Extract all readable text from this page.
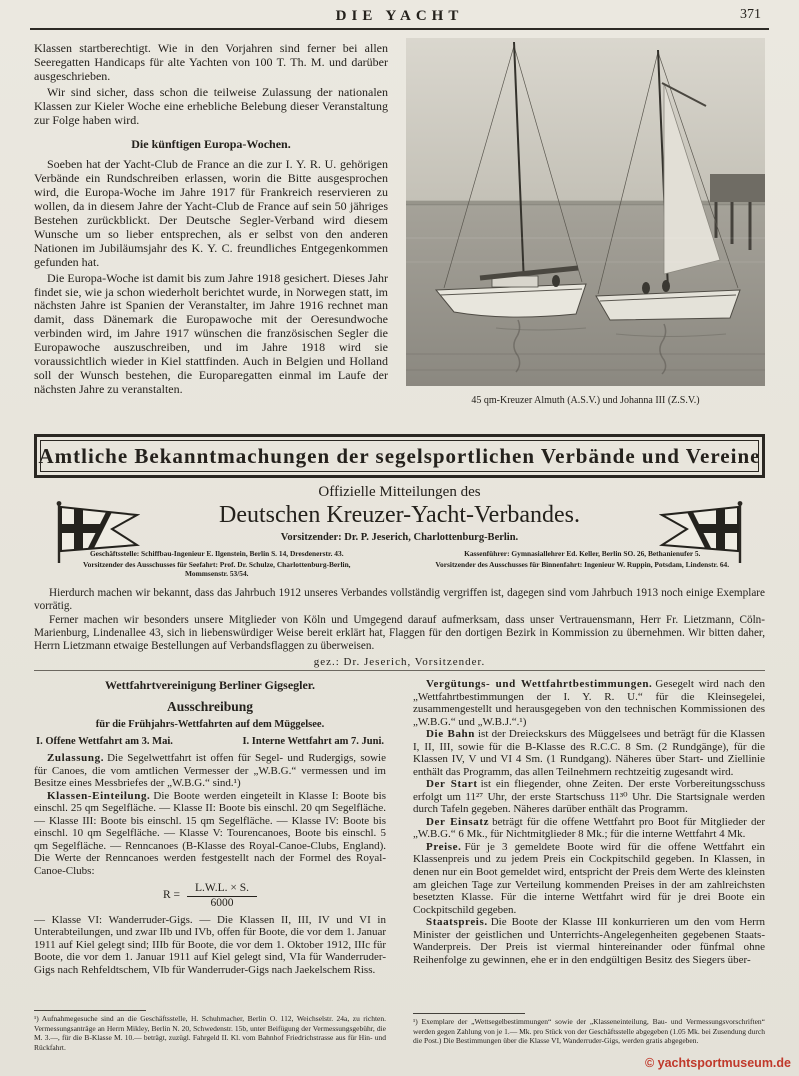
DIE YACHT	371

Klassen startberechtigt. Wie in den Vorjahren sind ferner bei allen Seeregatten Handicaps für alte Yachten von 100 T. Th. M. und darüber ausgeschrieben.

Wir sind sicher, dass schon die teilweise Zulassung der nationalen Klassen zur Kieler Woche eine erhebliche Belebung dieser Veranstaltung zur Folge haben wird.

Die künftigen Europa-Wochen.

Soeben hat der Yacht-Club de France an die zur I. Y. R. U. gehörigen Verbände ein Rundschreiben erlassen, worin die Bitte ausgesprochen wird, die Europa-Woche im Jahre 1917 für Frankreich reservieren zu wollen, da in diesem Jahre der Yacht-Club de France auf sein 50 jähriges Bestehen zurückblickt. Der Deutsche Segler-Verband wird diesem Wunsche um so lieber entsprechen, als er selbst von den anderen Nationen im Jubiläumsjahr des K. Y. C. freundliches Entgegenkommen gefunden hat.

Die Europa-Woche ist damit bis zum Jahre 1918 gesichert. Dieses Jahr findet sie, wie ja schon wiederholt berichtet wurde, in Norwegen statt, im nächsten Jahre ist Spanien der Veranstalter, im Jahre 1916 rechnet man damit, dass Dänemark die Europawoche mit der Oeresundwoche verbinden wird, im Jahre 1917 wünschen die französischen Segler die Europawoche auszuschreiben, und im Jahre 1918 wird sie voraussichtlich wieder in Kiel stattfinden. Auch in Belgien und Holland soll der Wunsch bestehen, die Europaregatten einmal im Laufe der nächsten Jahre zu veranstalten.

45 qm-Kreuzer Almuth (A.S.V.) und Johanna III (Z.S.V.)
Amtliche Bekanntmachungen der segelsportlichen Verbände und Vereine
Offizielle Mitteilungen des
Deutschen Kreuzer-Yacht-Verbandes.
Vorsitzender: Dr. P. Jeserich, Charlottenburg-Berlin.

Geschäftsstelle: Schiffbau-Ingenieur E. Ilgenstein, Berlin S. 14, Dresdenerstr. 43.

Vorsitzender des Ausschusses für Seefahrt: Prof. Dr. Schulze, Charlottenburg-Berlin, Mommsenstr. 53/54.

Kassenführer: Gymnasiallehrer Ed. Keller, Berlin SO. 26, Bethanienufer 5.

Vorsitzender des Ausschusses für Binnenfahrt: Ingenieur W. Ruppin, Potsdam, Lindenstr. 64.

Hierdurch machen wir bekannt, dass das Jahrbuch 1912 unseres Verbandes vollständig vergriffen ist, dagegen sind vom Jahrbuch 1913 noch einige Exemplare vorrätig.

Ferner machen wir besonders unsere Mitglieder von Köln und Umgegend darauf aufmerksam, dass unser Vertrauensmann, Herr Fr. Lietzmann, Cöln-Marienburg, Lindenallee 43, sich in liebenswürdiger Weise bereit erklärt hat, Flaggen für den dortigen Bezirk in Kommission zu übernehmen. Wir bitten daher, Herrn Lietzmann etwaige Bestellungen auf Verbandsflaggen zu überweisen.

gez.: Dr. Jeserich, Vorsitzender.

Wettfahrtvereinigung Berliner Gigsegler.
Ausschreibung
für die Frühjahrs-Wettfahrten auf dem Müggelsee.
I. Offene Wettfahrt am 3. Mai.	I. Interne Wettfahrt am 7. Juni.

Zulassung. Die Segelwettfahrt ist offen für Segel- und Rudergigs, sowie für Canoes, die vom amtlichen Vermesser der „W.B.G.“ vermessen und im Besitze eines Messbriefes der „W.B.G.“ sind.¹)

Klassen-Einteilung. Die Boote werden eingeteilt in Klasse I: Boote bis einschl. 25 qm Segelfläche. — Klasse II: Boote bis einschl. 20 qm Segelfläche. — Klasse III: Boote bis einschl. 15 qm Segelfläche. — Klasse IV: Boote bis einschl. 10 qm Segelfläche. — Klasse V: Tourencanoes, Boote bis einschl. 5 qm Segelfläche. — Renncanoes (B-Klasse des Royal-Canoe-Clubs, England). Die Werte der Renncanoes werden festgestellt nach der Formel des Royal-Canoe-Clubs:

$R = \frac{L.W.L. \times S.}{6000}$

— Klasse VI: Wanderruder-Gigs. — Die Klassen II, III, IV und VI in Unterabteilungen, und zwar IIb und IVb, offen für Boote, die vor dem 1. Januar 1911 auf Kiel gelegt sind; IIIb für Boote, die vor dem 1. Oktober 1912, IIIc für Boote, die vor dem 1. Januar 1911 auf Kiel gelegt sind, VIa für Wanderruder-Gigs nach Rehfeldtschem, VIb für Wanderruder-Gigs nach Jaekelschem Riss.

Vergütungs- und Wettfahrtbestimmungen. Gesegelt wird nach den „Wettfahrtbestimmungen der I. Y. R. U.“ für die Kleinsegelei, zusammengestellt und herausgegeben von den technischen Kommissionen des „W.B.G.“ und „W.B.J.“.¹)

Die Bahn ist der Dreieckskurs des Müggelsees und beträgt für die Klassen I, II, III, sowie für die B-Klasse des R.C.C. 8 Sm. (2 Rundgänge), für die Klassen IV, V und VI 4 Sm. (1 Rundgang). Näheres über Start- und Ziellinie enthält das Programm, das allen Teilnehmern rechtzeitig zugesandt wird.

Der Start ist ein fliegender, ohne Zeiten. Der erste Vorbereitungsschuss erfolgt um 11²⁷ Uhr, der erste Startschuss 11³⁰ Uhr. Die Startsignale werden durch Tafeln gegeben. Näheres darüber enthält das Programm.

Der Einsatz beträgt für die offene Wettfahrt pro Boot für Mitglieder der „W.B.G.“ 6 Mk., für Nichtmitglieder 8 Mk.; für die interne Wettfahrt 4 Mk.

Preise. Für je 3 gemeldete Boote wird für die offene Wettfahrt ein Klassenpreis und zu jedem Preis ein Cockpitschild gegeben. In Klassen, in denen nur ein Boot gemeldet wird, entspricht der Preis dem Werte des kleinsten am gleichen Tage zur Verteilung kommenden Preises in der am zahlreichsten besetzten Klasse. Für die interne Wettfahrt wird für je drei Boote ein Cockpitschild gegeben.

Staatspreis. Die Boote der Klasse III konkurrieren um den vom Herrn Minister der geistlichen und Unterrichts-Angelegenheiten gegebenen Staats-Wanderpreis. Der Preis ist viermal hintereinander oder fünfmal ohne Reihenfolge zu gewinnen, ehe er in den endgültigen Besitz des Siegers über-

¹) Aufnahmegesuche sind an die Geschäftsstelle, H. Schuhmacher, Berlin O. 112, Weichselstr. 24a, zu richten. Vermessungsanträge an Herrn Mikley, Berlin N. 20, Schwedenstr. 15b, unter Beifügung der Vermessungsgebühr, die M. 3.—, für die B-Klasse M. 10.— beträgt, zuzügl. Fahrgeld II. Kl. vom Bahnhof Friedrichstrasse aus für Hin- und Rückfahrt.
¹) Exemplare der „Wettsegelbestimmungen“ sowie der „Klasseneinteilung, Bau- und Vermessungsvorschriften“ werden gegen Zahlung von je 1.— Mk. pro Stück von der Geschäftsstelle abgegeben (1.05 Mk. bei Zusendung durch die Post.) Die Bestimmungen über die Klasse VI, Wanderruder-Gigs, werden gratis abgegeben.
© yachtsportmuseum.de
